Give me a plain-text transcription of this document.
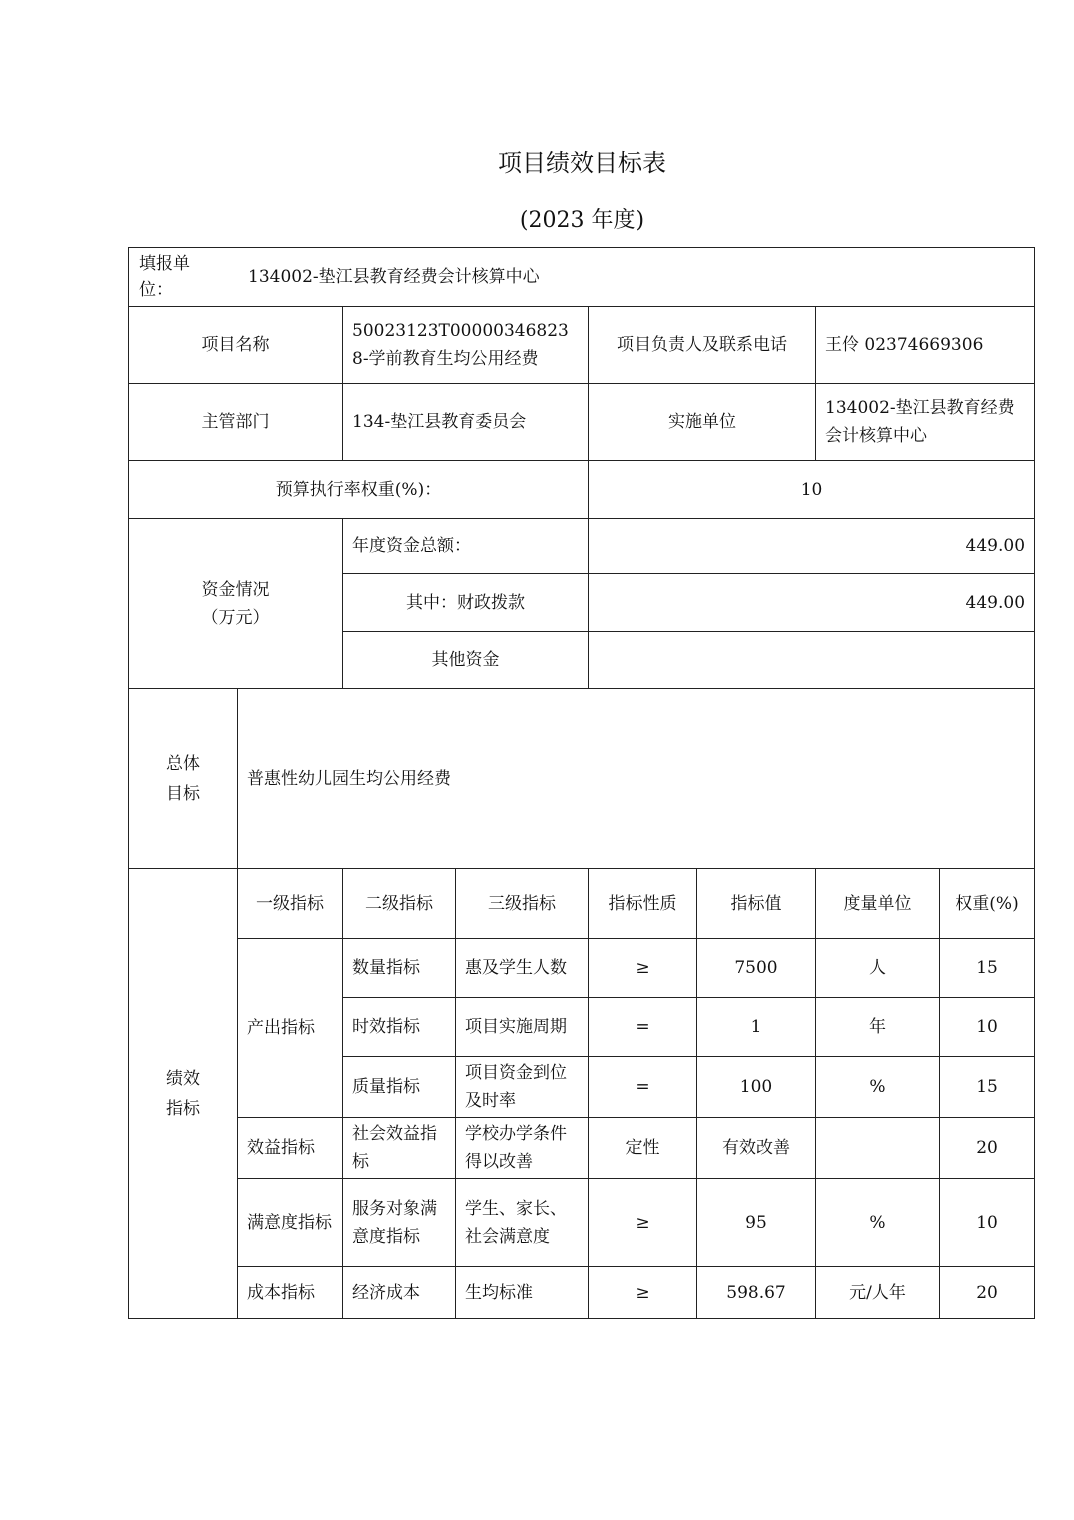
项目绩效目标表
(2023 年度)
填报单位：
134002-垫江县教育经费会计核算中心							

项目名称		50023123T000003468238-学前教育生均公用经费		项目负责人及联系电话		王伶 02374669306	
主管部门		134-垫江县教育委员会		实施单位		134002-垫江县教育经费会计核算中心	
预算执行率权重(%)：				10			
资金情况（万元）		年度资金总额：		449.00			
		其中：财政拨款		449.00			
		其他资金					
总体目标	普惠性幼儿园生均公用经费						
绩效指标	一级指标	二级指标	三级指标	指标性质	指标值	度量单位	权重(%)
	产出指标	数量指标	惠及学生人数	≥	7500	人	15
		时效指标	项目实施周期	=	1	年	10
		质量指标	项目资金到位及时率	=	100	%	15
	效益指标	社会效益指标	学校办学条件得以改善	定性	有效改善		20
	满意度指标	服务对象满意度指标	学生、家长、社会满意度	≥	95	%	10
	成本指标	经济成本	生均标准	≥	598.67	元/人年	20
